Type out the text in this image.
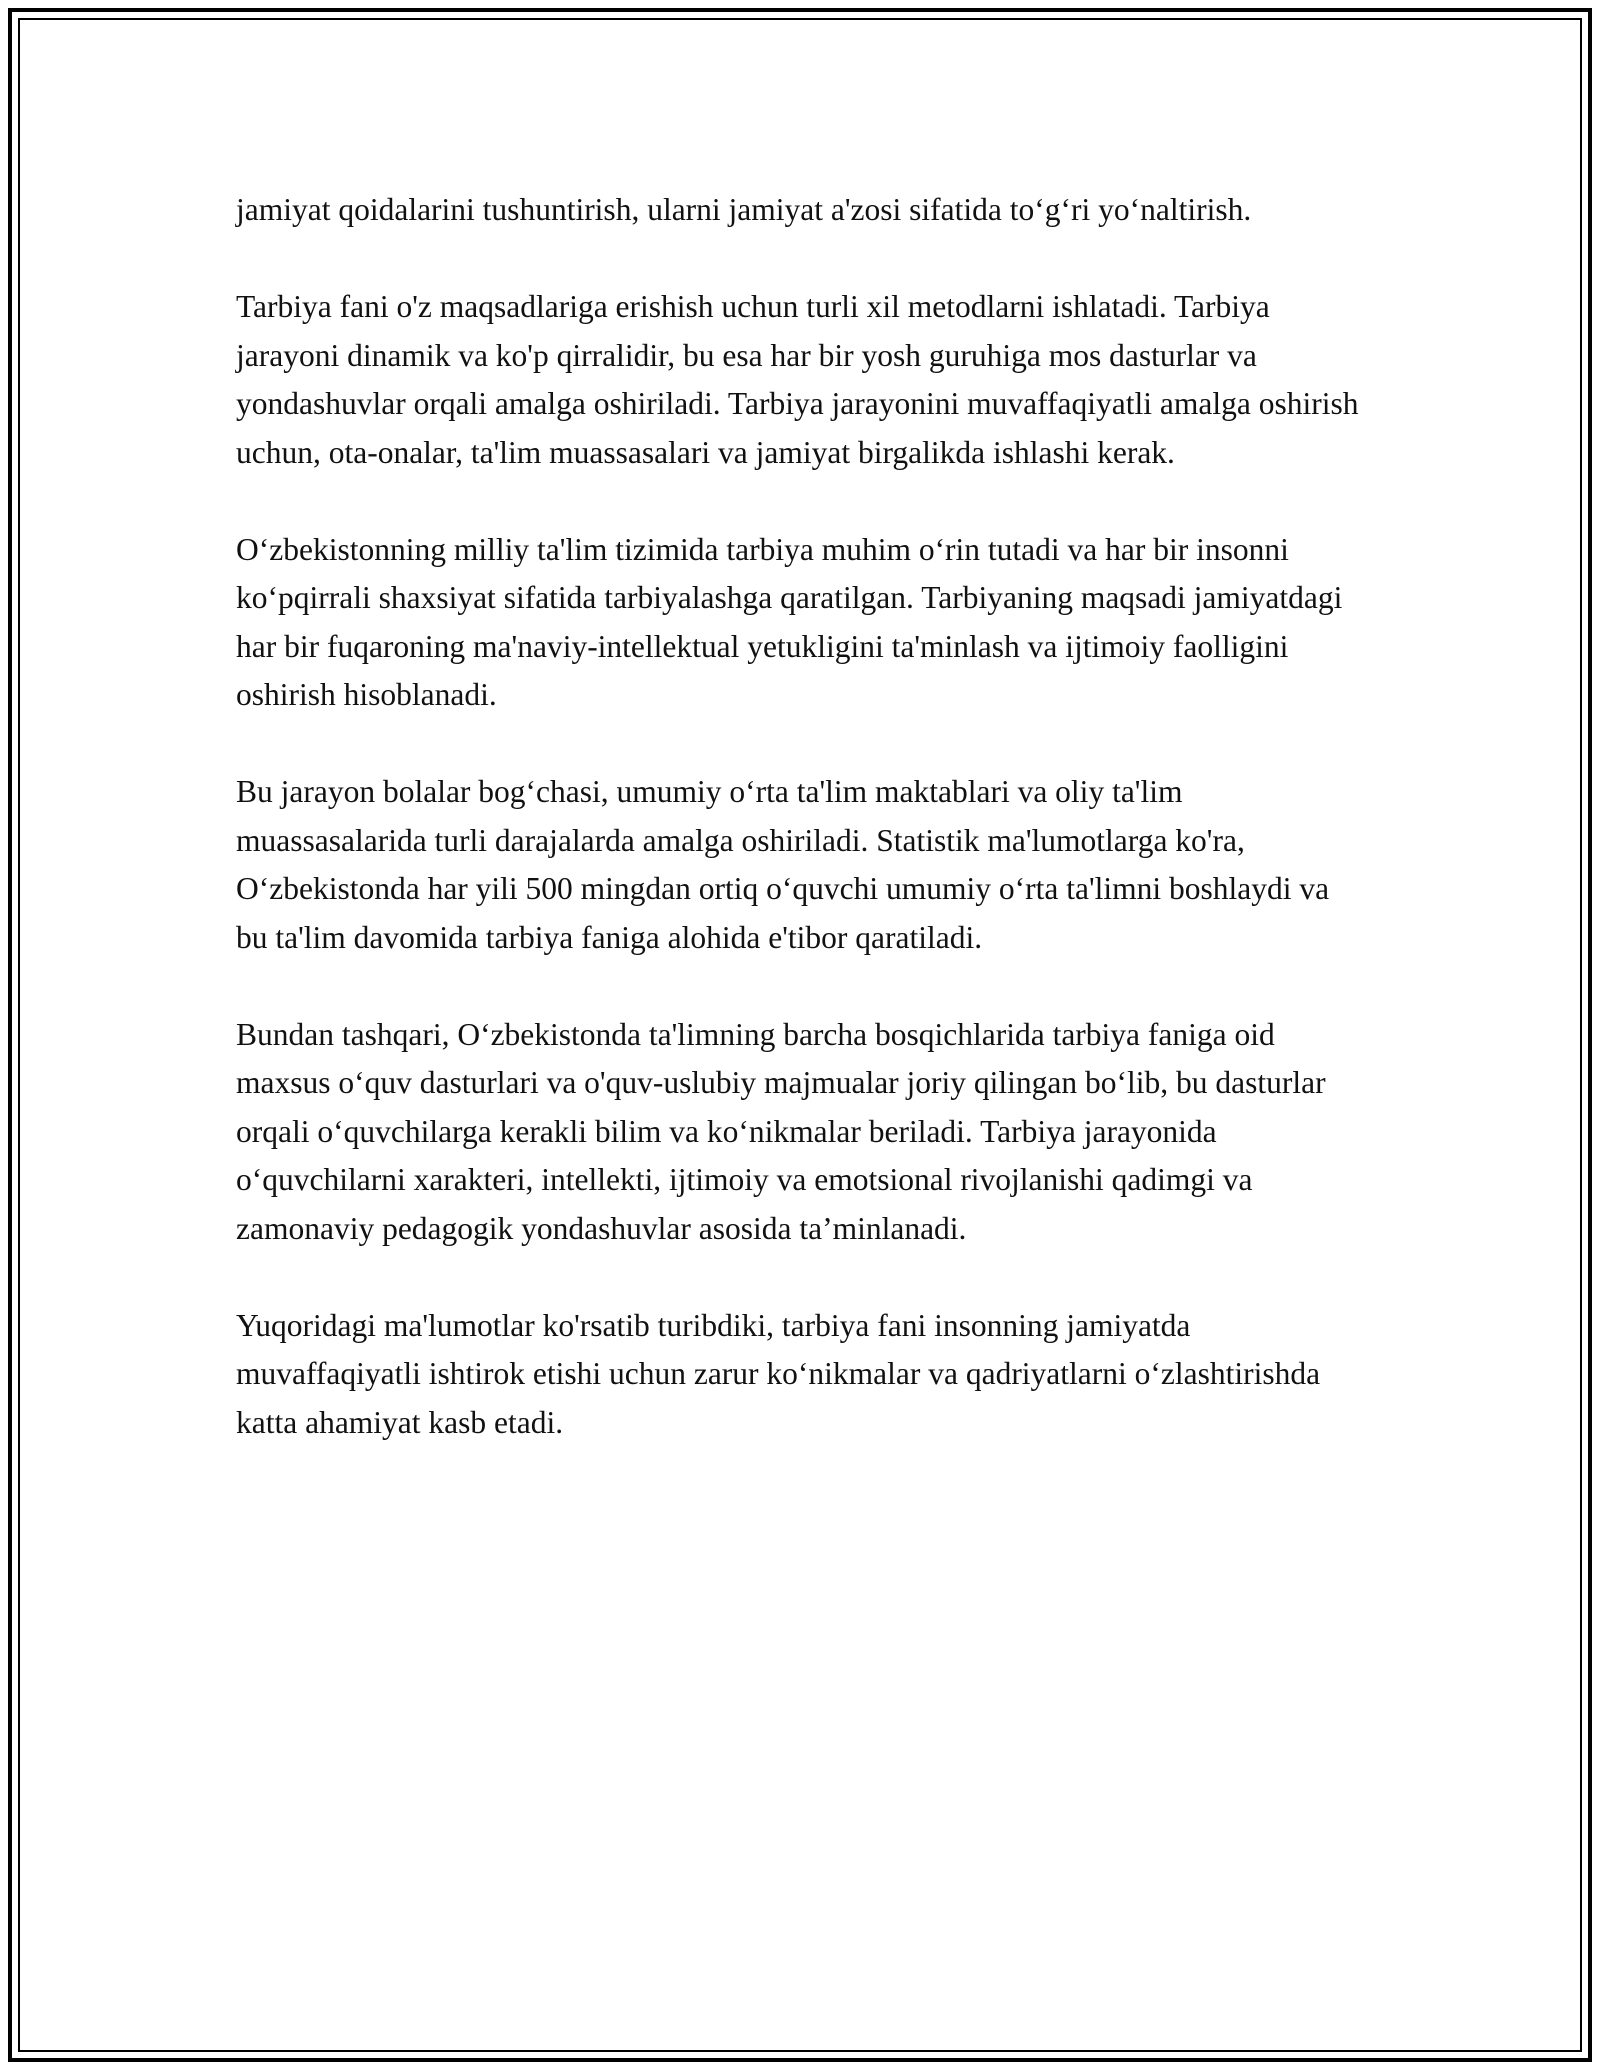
jamiyat qoidalarini tushuntirish, ularni jamiyat a'zosi sifatida to‘g‘ri yo‘naltirish.

Tarbiya fani o'z maqsadlariga erishish uchun turli xil metodlarni ishlatadi. Tarbiya jarayoni dinamik va ko'p qirralidir, bu esa har bir yosh guruhiga mos dasturlar va yondashuvlar orqali amalga oshiriladi. Tarbiya jarayonini muvaffaqiyatli amalga oshirish uchun, ota-onalar, ta'lim muassasalari va jamiyat birgalikda ishlashi kerak.

O‘zbekistonning milliy ta'lim tizimida tarbiya muhim o‘rin tutadi va har bir insonni ko‘pqirrali shaxsiyat sifatida tarbiyalashga qaratilgan. Tarbiyaning maqsadi jamiyatdagi har bir fuqaroning ma'naviy-intellektual yetukligini ta'minlash va ijtimoiy faolligini oshirish hisoblanadi.

Bu jarayon bolalar bog‘chasi, umumiy o‘rta ta'lim maktablari va oliy ta'lim muassasalarida turli darajalarda amalga oshiriladi. Statistik ma'lumotlarga ko'ra, O‘zbekistonda har yili 500 mingdan ortiq o‘quvchi umumiy o‘rta ta'limni boshlaydi va bu ta'lim davomida tarbiya faniga alohida e'tibor qaratiladi.

Bundan tashqari, O‘zbekistonda ta'limning barcha bosqichlarida tarbiya faniga oid maxsus o‘quv dasturlari va o'quv-uslubiy majmualar joriy qilingan bo‘lib, bu dasturlar orqali o‘quvchilarga kerakli bilim va ko‘nikmalar beriladi. Tarbiya jarayonida o‘quvchilarni xarakteri, intellekti, ijtimoiy va emotsional rivojlanishi qadimgi va zamonaviy pedagogik yondashuvlar asosida ta’minlanadi.

Yuqoridagi ma'lumotlar ko'rsatib turibdiki, tarbiya fani insonning jamiyatda muvaffaqiyatli ishtirok etishi uchun zarur ko‘nikmalar va qadriyatlarni o‘zlashtirishda katta ahamiyat kasb etadi.
